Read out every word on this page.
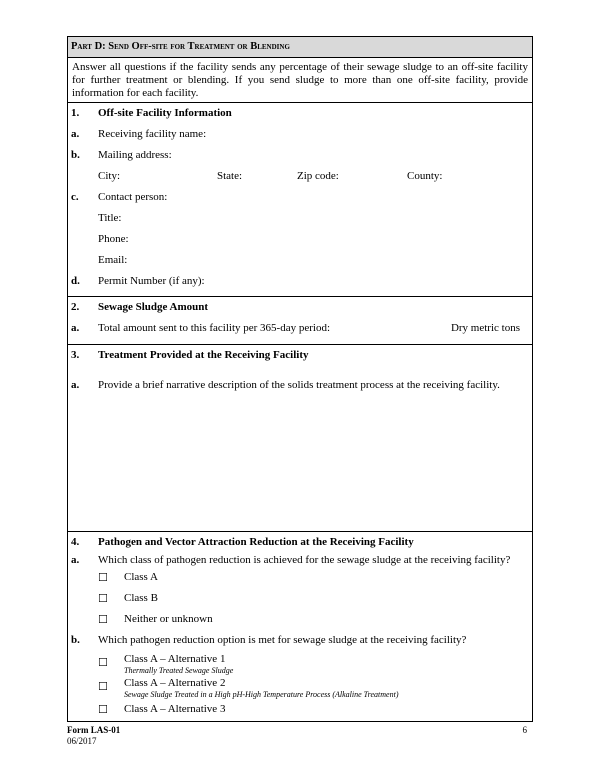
Part D: Send Off-site for Treatment or Blending
Answer all questions if the facility sends any percentage of their sewage sludge to an off-site facility for further treatment or blending. If you send sludge to more than one off-site facility, provide information for each facility.
1.	Off-site Facility Information
a.	Receiving facility name:
b.	Mailing address:
City:	State:	Zip code:	County:
c.	Contact person:
Title:
Phone:
Email:
d.	Permit Number (if any):
2.	Sewage Sludge Amount
a.	Total amount sent to this facility per 365-day period:	Dry metric tons
3.	Treatment Provided at the Receiving Facility
a.	Provide a brief narrative description of the solids treatment process at the receiving facility.
4.	Pathogen and Vector Attraction Reduction at the Receiving Facility
a.	Which class of pathogen reduction is achieved for the sewage sludge at the receiving facility?
☐	Class A
☐	Class B
☐	Neither or unknown
b.	Which pathogen reduction option is met for sewage sludge at the receiving facility?
☐	Class A – Alternative 1
Thermally Treated Sewage Sludge
☐	Class A – Alternative 2
Sewage Sludge Treated in a High pH-High Temperature Process (Alkaline Treatment)
☐	Class A – Alternative 3
Form LAS-01
06/2017
6
